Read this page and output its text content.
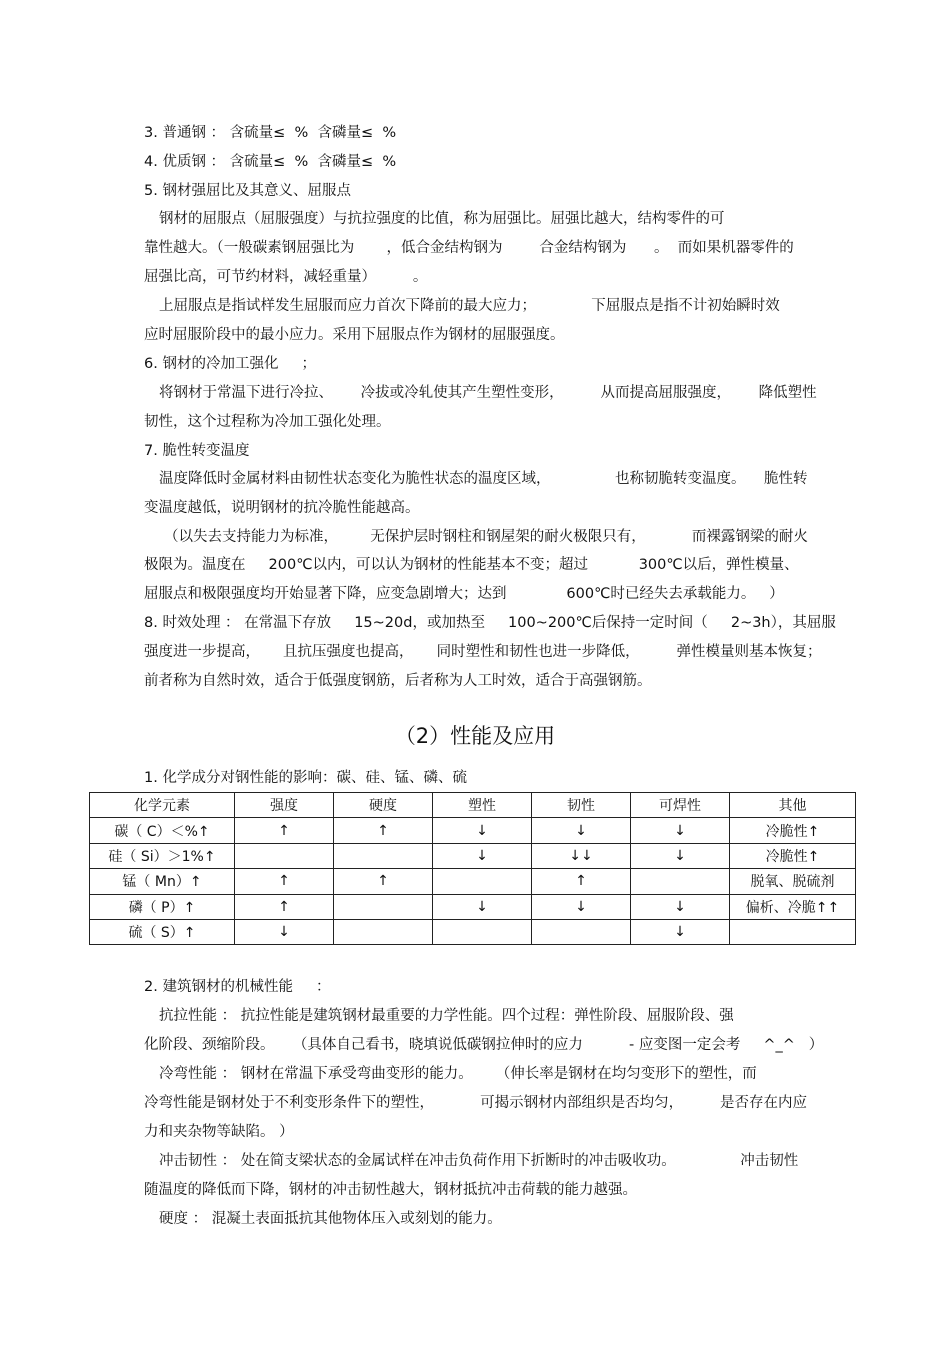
3. 普通钢 ： 含硫量≤  %  含磷量≤  %
4. 优质钢 ： 含硫量≤  %  含磷量≤  %
5. 钢材强屈比及其意义、屈服点
钢材的屈服点（屈服强度）与抗拉强度的比值，称为屈强比。屈强比越大，结构零件的可
靠性越大。（一般碳素钢屈强比为       ，低合金结构钢为        合金结构钢为      。  而如果机器零件的
屈强比高，可节约材料，减轻重量）        。
上屈服点是指试样发生屈服而应力首次下降前的最大应力；            下屈服点是指不计初始瞬时效
应时屈服阶段中的最小应力。采用下屈服点作为钢材的屈服强度。
6. 钢材的冷加工强化     ；
将钢材于常温下进行冷拉、      冷拔或冷轧使其产生塑性变形，        从而提高屈服强度，      降低塑性
韧性，这个过程称为冷加工强化处理。
7. 脆性转变温度
温度降低时金属材料由韧性状态变化为脆性状态的温度区域，              也称韧脆转变温度。    脆性转
变温度越低，说明钢材的抗冷脆性能越高。
（以失去支持能力为标准，       无保护层时钢柱和钢屋架的耐火极限只有，          而裸露钢梁的耐火
极限为。温度在     200℃以内，可以认为钢材的性能基本不变；超过           300℃以后，弹性模量、
屈服点和极限强度均开始显著下降，应变急剧增大；达到             600℃时已经失去承载能力。   ）
8. 时效处理 ： 在常温下存放     15~20d，或加热至     100~200℃后保持一定时间（     2~3h），其屈服
强度进一步提高，     且抗压强度也提高，     同时塑性和韧性也进一步降低，        弹性模量则基本恢复；
前者称为自然时效，适合于低强度钢筋，后者称为人工时效，适合于高强钢筋。
（2）性能及应用
1. 化学成分对钢性能的影响：碳、硅、锰、磷、硫
化学元素	强度	硬度	塑性	韧性	可焊性	其他
碳（ C）＜%↑	↑	↑	↓	↓	↓	冷脆性↑
硅（ Si）＞1%↑			↓	↓↓	↓	冷脆性↑
锰（ Mn）↑	↑	↑		↑		脱氧、脱硫剂
磷（ P）↑	↑		↓	↓	↓	偏析、冷脆↑↑
硫（ S）↑	↓				↓	
2. 建筑钢材的机械性能     ：
抗拉性能 ： 抗拉性能是建筑钢材最重要的力学性能。四个过程：弹性阶段、屈服阶段、强
化阶段、颈缩阶段。    （具体自己看书，晓填说低碳钢拉伸时的应力          - 应变图一定会考     ^_^   ）
冷弯性能 ： 钢材在常温下承受弯曲变形的能力。     （伸长率是钢材在均匀变形下的塑性，而
冷弯性能是钢材处于不利变形条件下的塑性，          可揭示钢材内部组织是否均匀，        是否存在内应
力和夹杂物等缺陷。 ）
冲击韧性 ： 处在简支梁状态的金属试样在冲击负荷作用下折断时的冲击吸收功。              冲击韧性
随温度的降低而下降，钢材的冲击韧性越大，钢材抵抗冲击荷载的能力越强。
硬度 ： 混凝土表面抵抗其他物体压入或刻划的能力。
